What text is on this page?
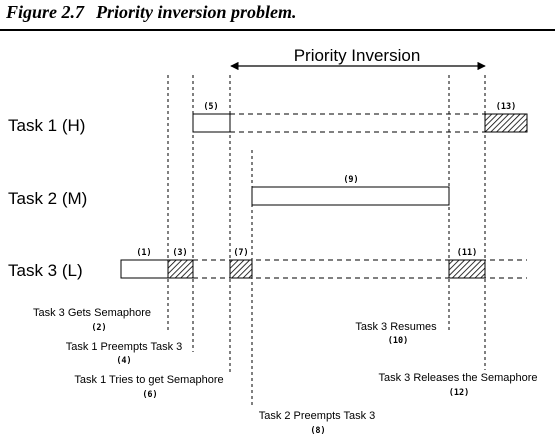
Figure 2.7 Priority inversion problem.
Priority Inversion
Task 1 (H)
Task 2 (M)
Task 3 (L)
(5)	(13)
(9)
(1) (3)	(7)	(11)
Task 3 Gets Semaphore
(2)
Task 1 Preempts Task 3
(4)
Task 1 Tries to get Semaphore
(6)
Task 2 Preempts Task 3
(8)
Task 3 Resumes
(10)
Task 3 Releases the Semaphore
(12)
